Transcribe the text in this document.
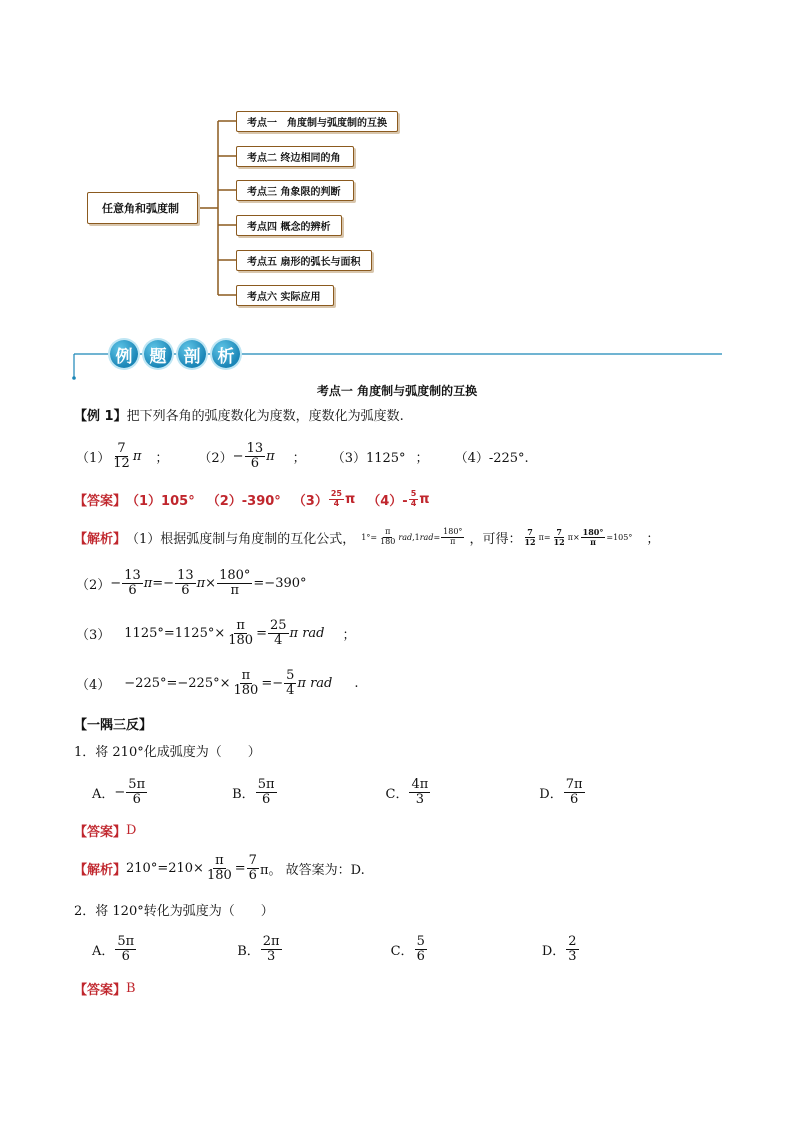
任意角和弧度制
考点一　角度制与弧度制的互换
考点二 终边相同的角
考点三 角象限的判断
考点四 概念的辨析
考点五 扇形的弧长与面积
考点六 实际应用
例	题	剖	析
考点一 角度制与弧度制的互换
【例 1】 把下列各角的弧度数化为度数，度数化为弧度数.
$(1) \frac{7}{12}$ π ； $(2) - \frac{13}{6}$ π ； （3）1125° ； （4）-225°.
【答案】 （1）105° （2）-390° $(3) \frac{25}{4}$ π $(4)- \frac{5}{4}$ π
【解析】 （1）根据弧度制与角度制的互化公式， $1^\circ= \frac{\pi}{180}$ rad ,1 rad = $\frac{180^\circ}{\pi}$ ，可得： $\frac{7}{12} \pi= \frac{7}{12} \pi\times \frac{180^\circ}{\pi} =105^\circ$ ；
$(2) - \frac{13}{6}$ $\pi =- \frac{13}{6}$ $\pi \times \frac{180^\circ}{\pi} =-390^\circ$
（3） $1125^\circ=1125^\circ\times \frac{\pi}{180} = \frac{25}{4}$ π rad ；
$(4) -225^\circ=-225^\circ\times \frac{\pi}{180} =- \frac{5}{4}$ π rad .
【一隅三反】
1．将 210°化成弧度为（　　）
A． − $\frac{5\pi}{6}$	B． $\frac{5\pi}{6}$	C． $\frac{4\pi}{3}$	D． $\frac{7\pi}{6}$
【答案】 D
【解析】 $210^\circ=210\times \frac{\pi}{180} = \frac{7}{6}$ π。 故答案为：D.
2．将 120°转化为弧度为（　　）
A． $\frac{5\pi}{6}$	B． $\frac{2\pi}{3}$	C． $\frac{5}{6}$	D． $\frac{2}{3}$
【答案】 B
